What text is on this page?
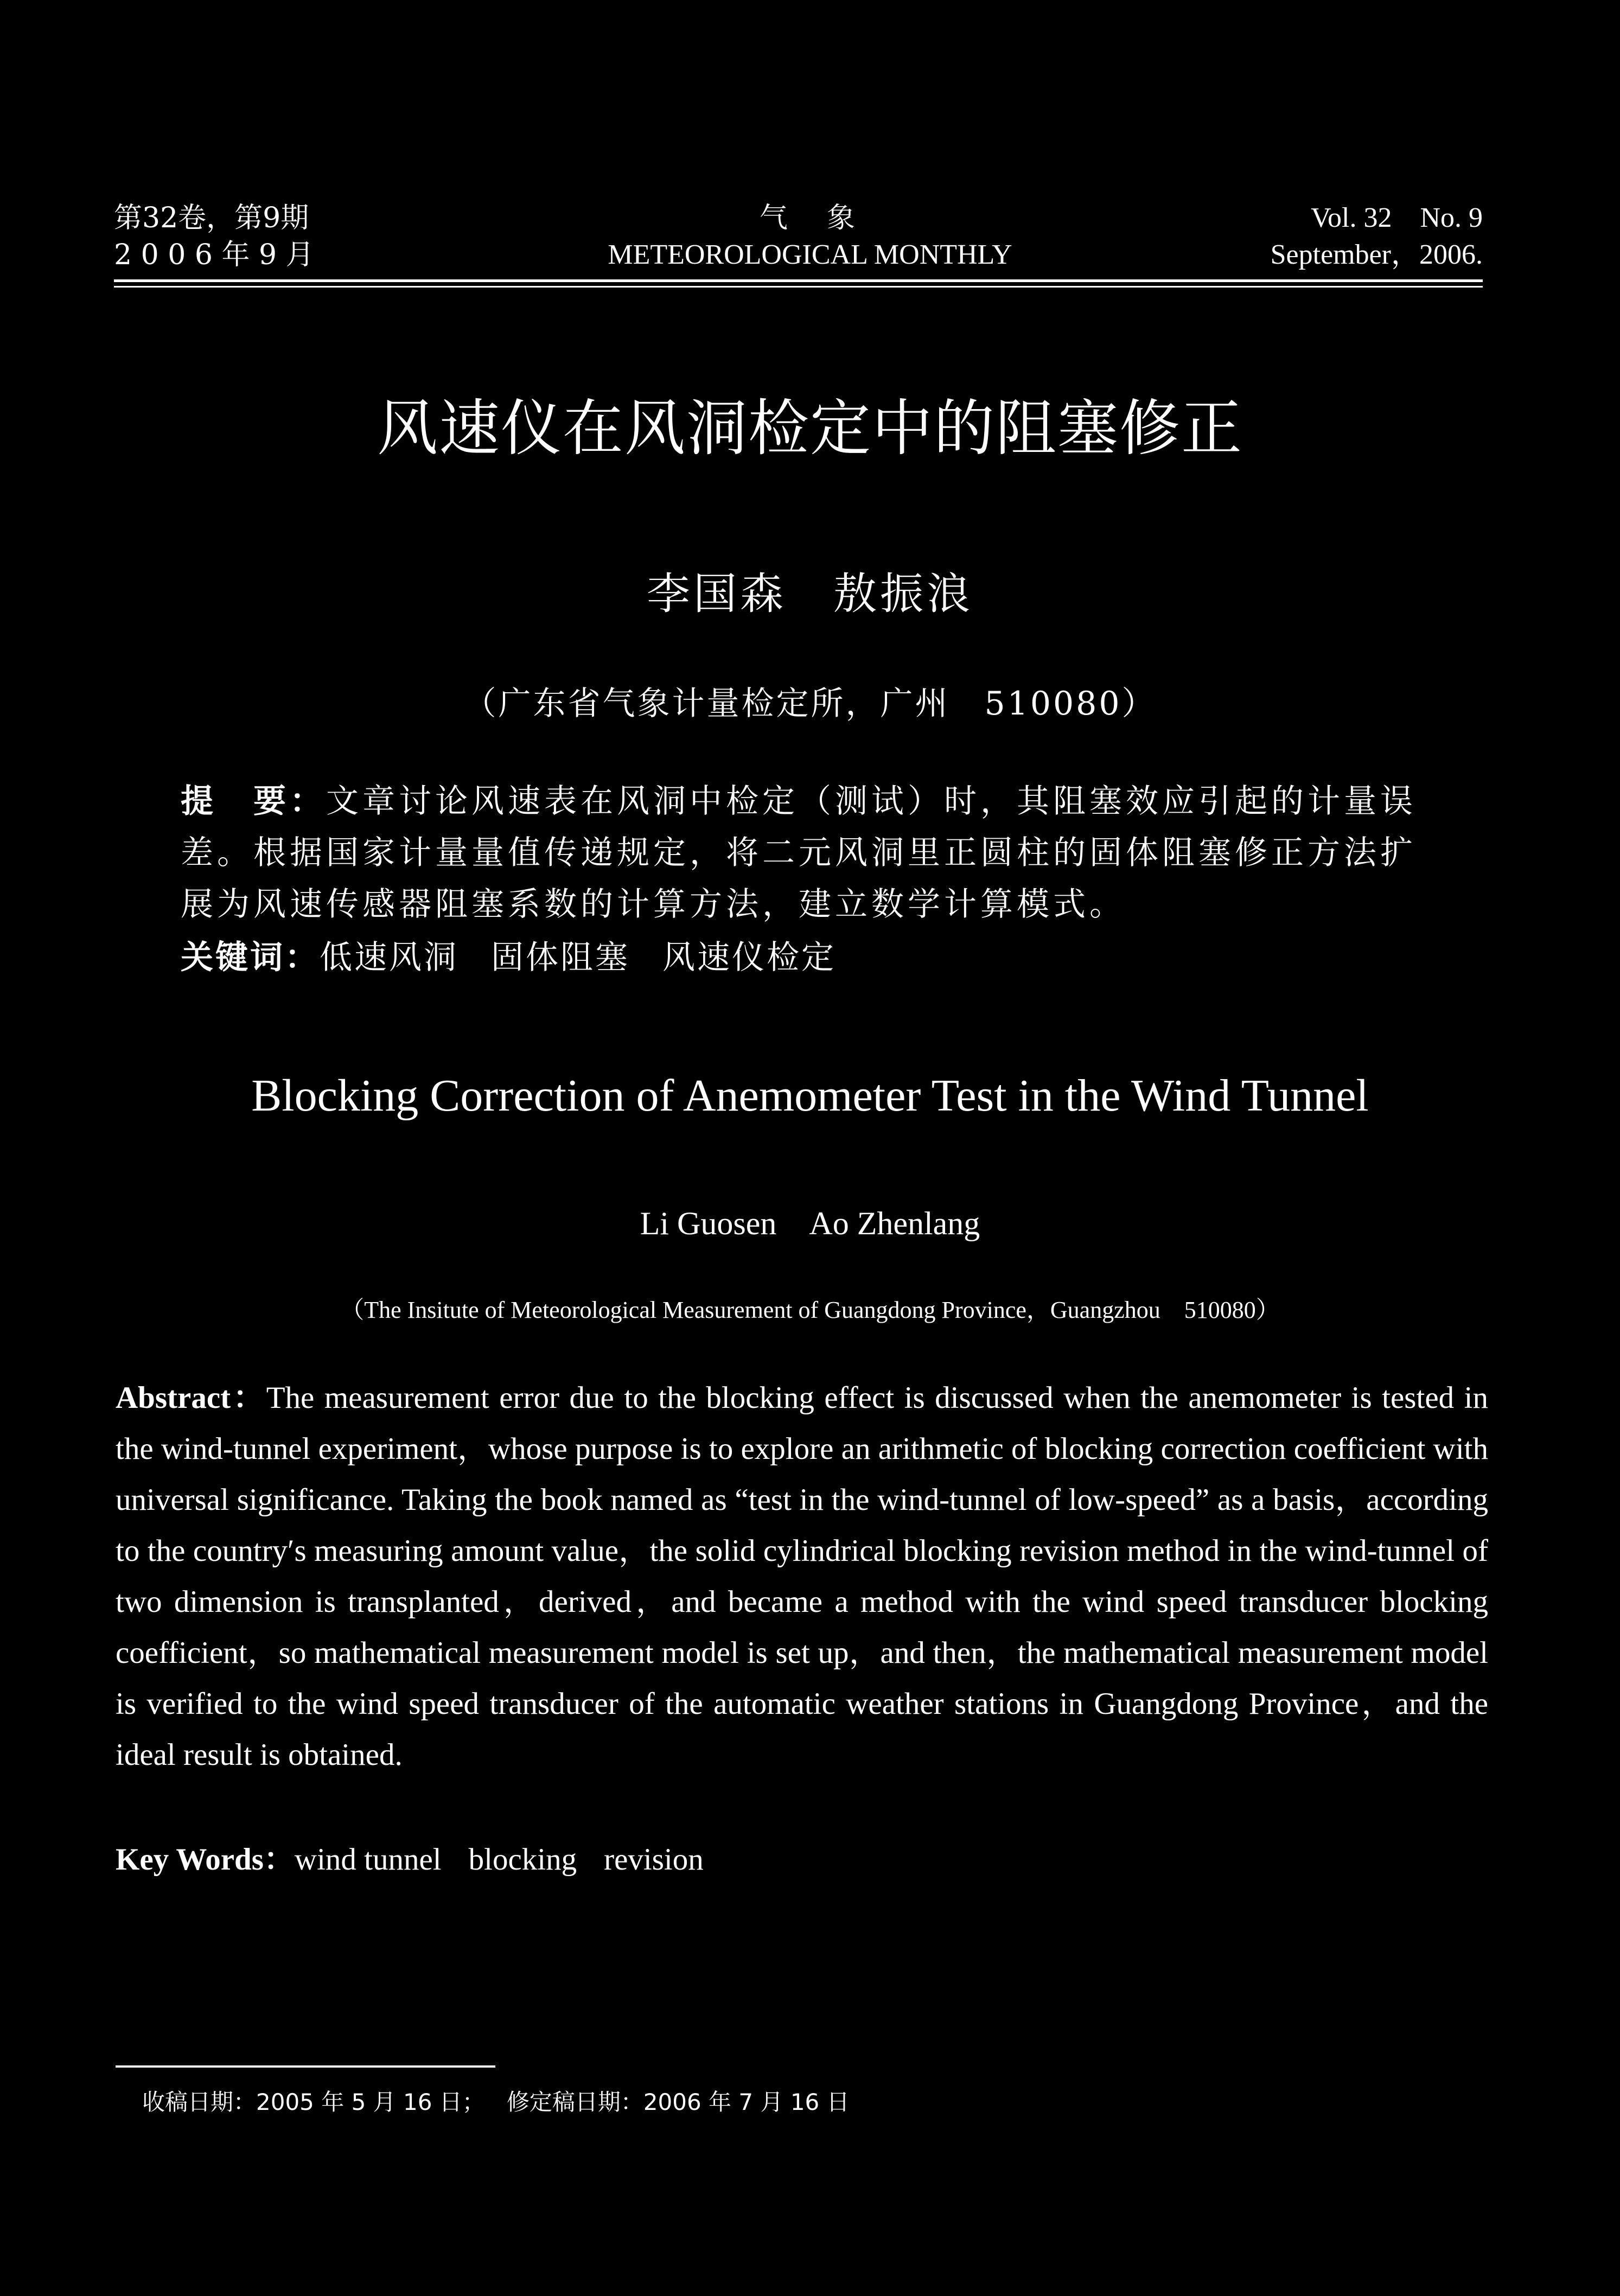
第32卷，第9期
2 0 0 6 年 9 月
气　象
METEOROLOGICAL MONTHLY
Vol. 32　No. 9
September，2006.
风速仪在风洞检定中的阻塞修正
李国森　敖振浪
（广东省气象计量检定所，广州　510080）
提　要：文章讨论风速表在风洞中检定（测试）时，其阻塞效应引起的计量误差。根据国家计量量值传递规定，将二元风洞里正圆柱的固体阻塞修正方法扩展为风速传感器阻塞系数的计算方法，建立数学计算模式。
关键词：低速风洞 固体阻塞 风速仪检定
Blocking Correction of Anemometer Test in the Wind Tunnel
Li Guosen Ao Zhenlang
（The Insitute of Meteorological Measurement of Guangdong Province，Guangzhou　510080）
Abstract：The measurement error due to the blocking effect is discussed when the anemometer is tested in the wind-tunnel experiment，whose purpose is to explore an arithmetic of blocking correction coefficient with universal significance. Taking the book named as “test in the wind-tunnel of low-speed” as a basis，according to the country′s measuring amount value，the solid cylindrical blocking revision method in the wind-tunnel of two dimension is transplanted，derived，and became a method with the wind speed transducer blocking coefficient，so mathematical measurement model is set up，and then，the mathematical measurement model is verified to the wind speed transducer of the automatic weather stations in Guangdong Province，and the ideal result is obtained.
Key Words：wind tunnel blocking revision
收稿日期：2005 年 5 月 16 日； 修定稿日期：2006 年 7 月 16 日
